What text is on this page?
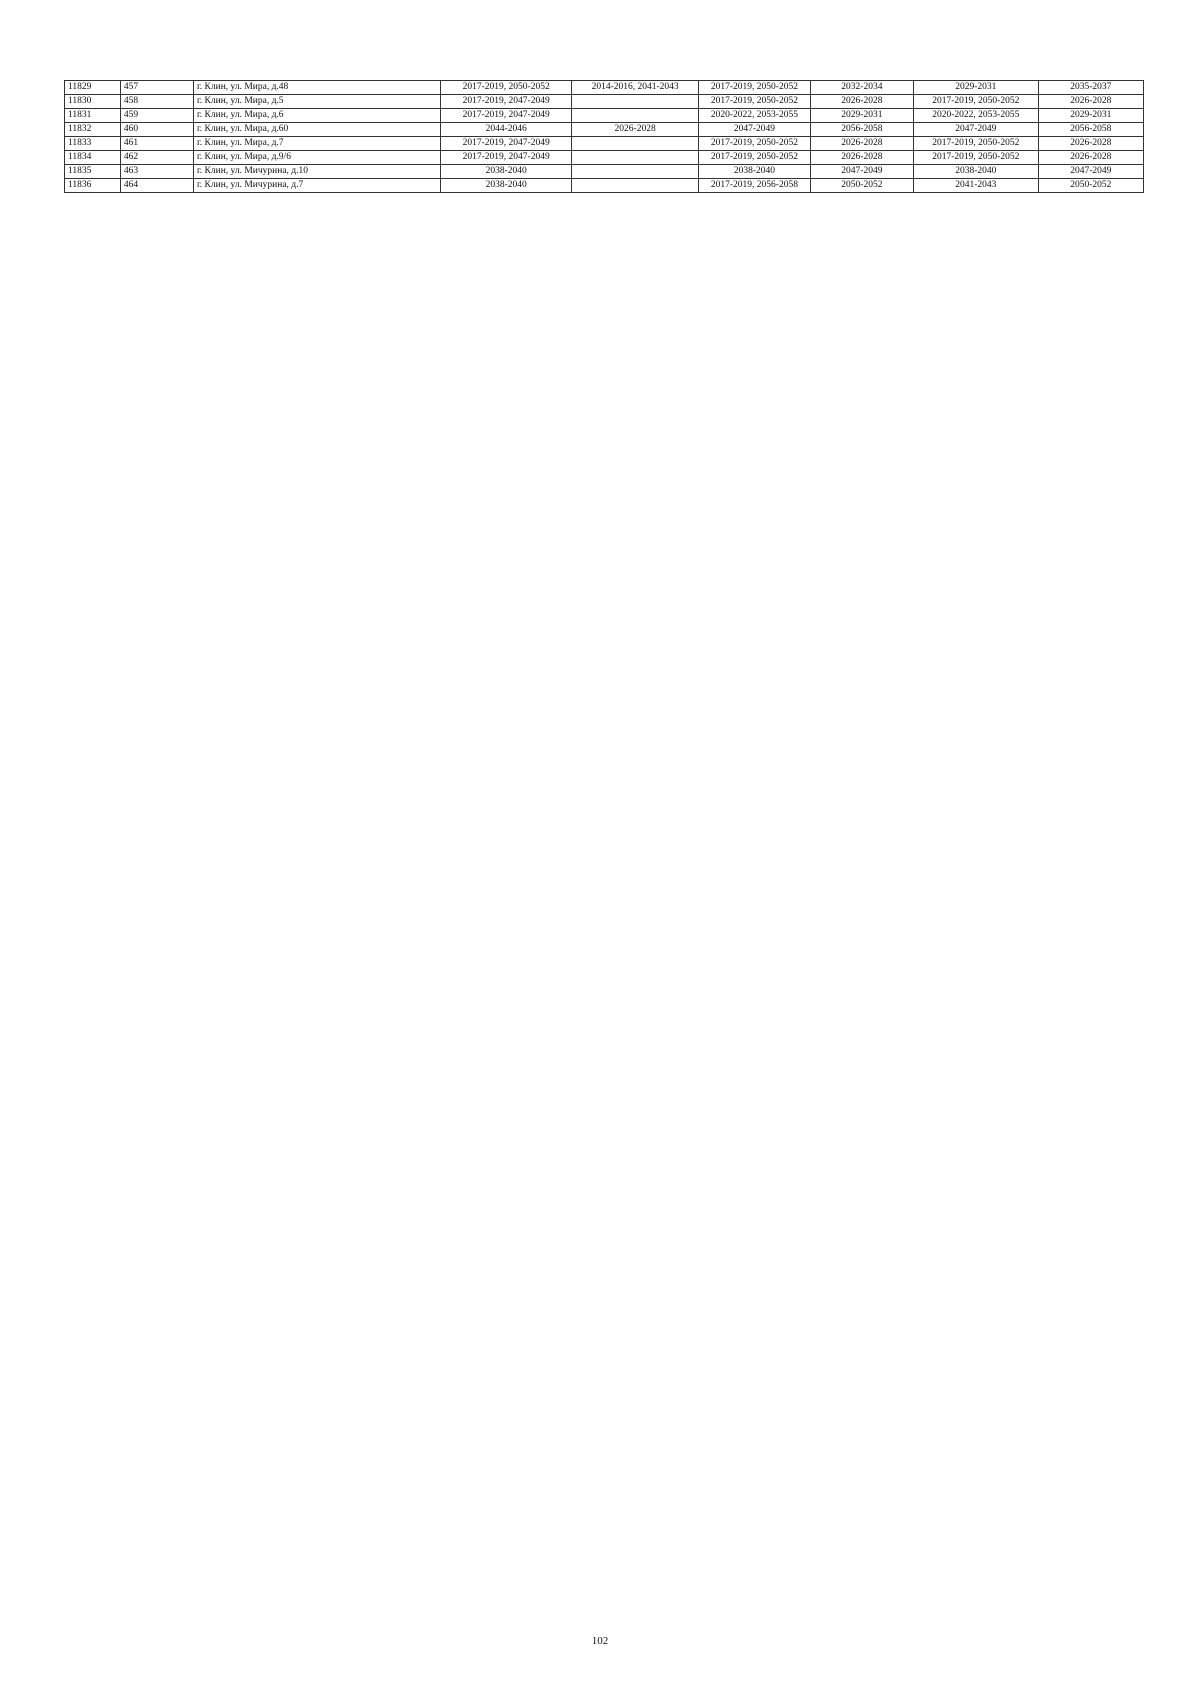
11829	457	г. Клин, ул. Мира, д.48	2017-2019, 2050-2052	2014-2016, 2041-2043	2017-2019, 2050-2052	2032-2034	2029-2031	2035-2037
11830	458	г. Клин, ул. Мира, д.5	2017-2019, 2047-2049		2017-2019, 2050-2052	2026-2028	2017-2019, 2050-2052	2026-2028
11831	459	г. Клин, ул. Мира, д.6	2017-2019, 2047-2049		2020-2022, 2053-2055	2029-2031	2020-2022, 2053-2055	2029-2031
11832	460	г. Клин, ул. Мира, д.60	2044-2046	2026-2028	2047-2049	2056-2058	2047-2049	2056-2058
11833	461	г. Клин, ул. Мира, д.7	2017-2019, 2047-2049		2017-2019, 2050-2052	2026-2028	2017-2019, 2050-2052	2026-2028
11834	462	г. Клин, ул. Мира, д.9/6	2017-2019, 2047-2049		2017-2019, 2050-2052	2026-2028	2017-2019, 2050-2052	2026-2028
11835	463	г. Клин, ул. Мичурина, д.10	2038-2040		2038-2040	2047-2049	2038-2040	2047-2049
11836	464	г. Клин, ул. Мичурина, д.7	2038-2040		2017-2019, 2056-2058	2050-2052	2041-2043	2050-2052
102
